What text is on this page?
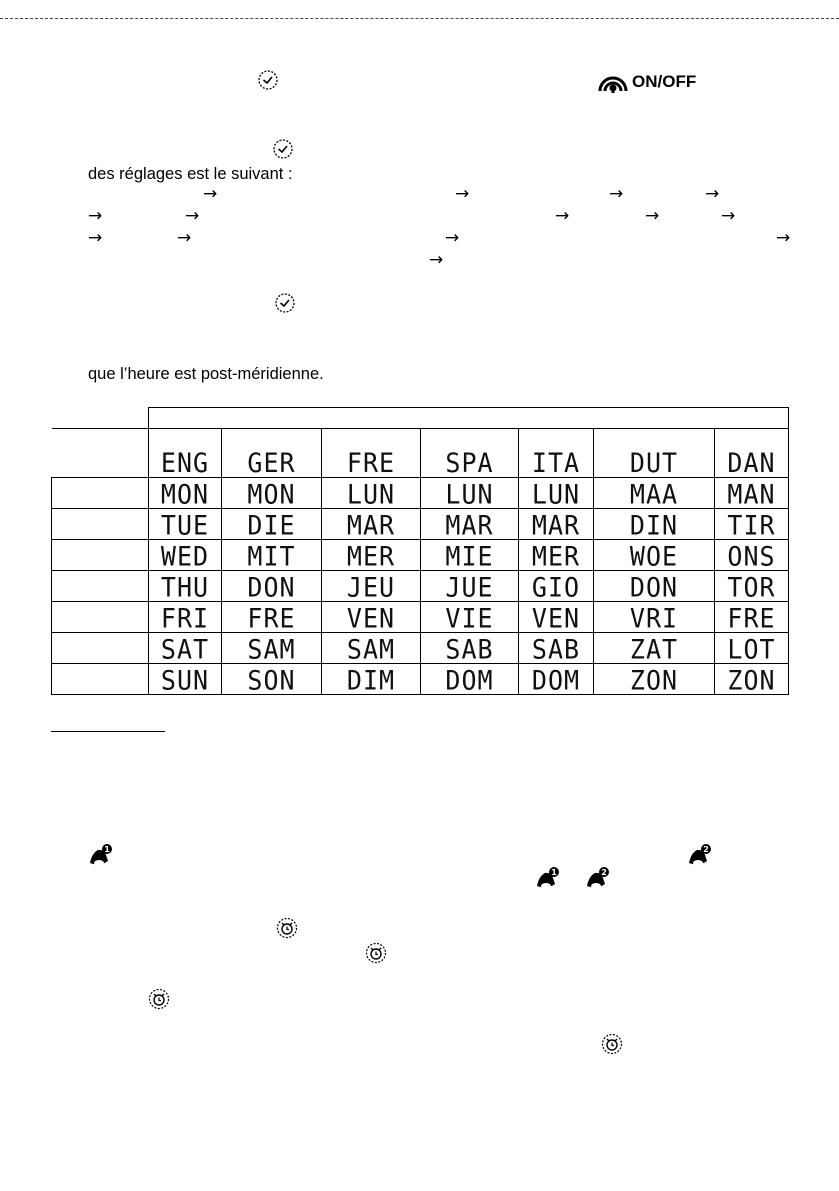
ON/OFF
des réglages est le suivant :
→	→	→	→
→	→	→	→	→
→	→	→	→
→
que l’heure est post-méridienne.

	ENG	GER	FRE	SPA	ITA	DUT	DAN
	MON	MON	LUN	LUN	LUN	MAA	MAN
	TUE	DIE	MAR	MAR	MAR	DIN	TIR
	WED	MIT	MER	MIE	MER	WOE	ONS
	THU	DON	JEU	JUE	GIO	DON	TOR
	FRI	FRE	VEN	VIE	VEN	VRI	FRE
	SAT	SAM	SAM	SAB	SAB	ZAT	LOT
	SUN	SON	DIM	DOM	DOM	ZON	ZON
1	2
1	2
